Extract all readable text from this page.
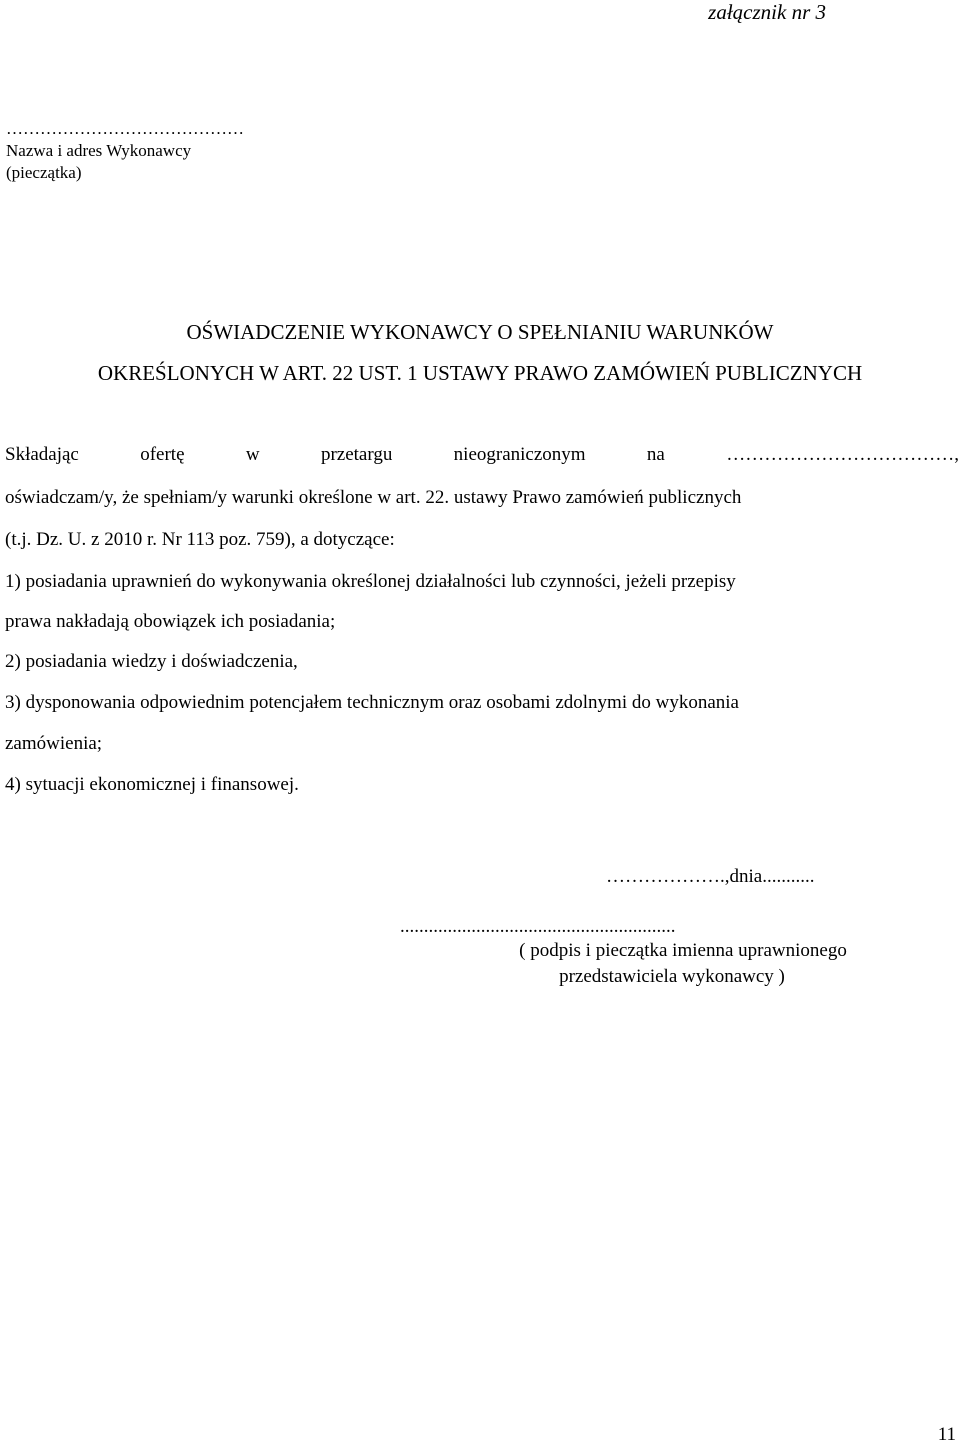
załącznik nr 3
……………………………………
Nazwa i adres Wykonawcy
(pieczątka)
OŚWIADCZENIE WYKONAWCY O SPEŁNIANIU WARUNKÓW
OKREŚLONYCH W ART. 22 UST. 1 USTAWY PRAWO ZAMÓWIEŃ PUBLICZNYCH
Składając	ofertę	w	przetargu	nieograniczonym	na	………………………………,
oświadczam/y, że spełniam/y warunki określone w art. 22. ustawy Prawo zamówień publicznych
(t.j. Dz. U. z 2010 r. Nr 113 poz. 759), a dotyczące:
1) posiadania uprawnień do wykonywania określonej działalności lub czynności, jeżeli przepisy
prawa nakładają obowiązek ich posiadania;
2) posiadania wiedzy i doświadczenia,
3) dysponowania odpowiednim potencjałem technicznym oraz osobami zdolnymi do wykonania
zamówienia;
4) sytuacji ekonomicznej i finansowej.
……………….,dnia...........
..........................................................
( podpis i pieczątka imienna uprawnionego
przedstawiciela wykonawcy )
11
